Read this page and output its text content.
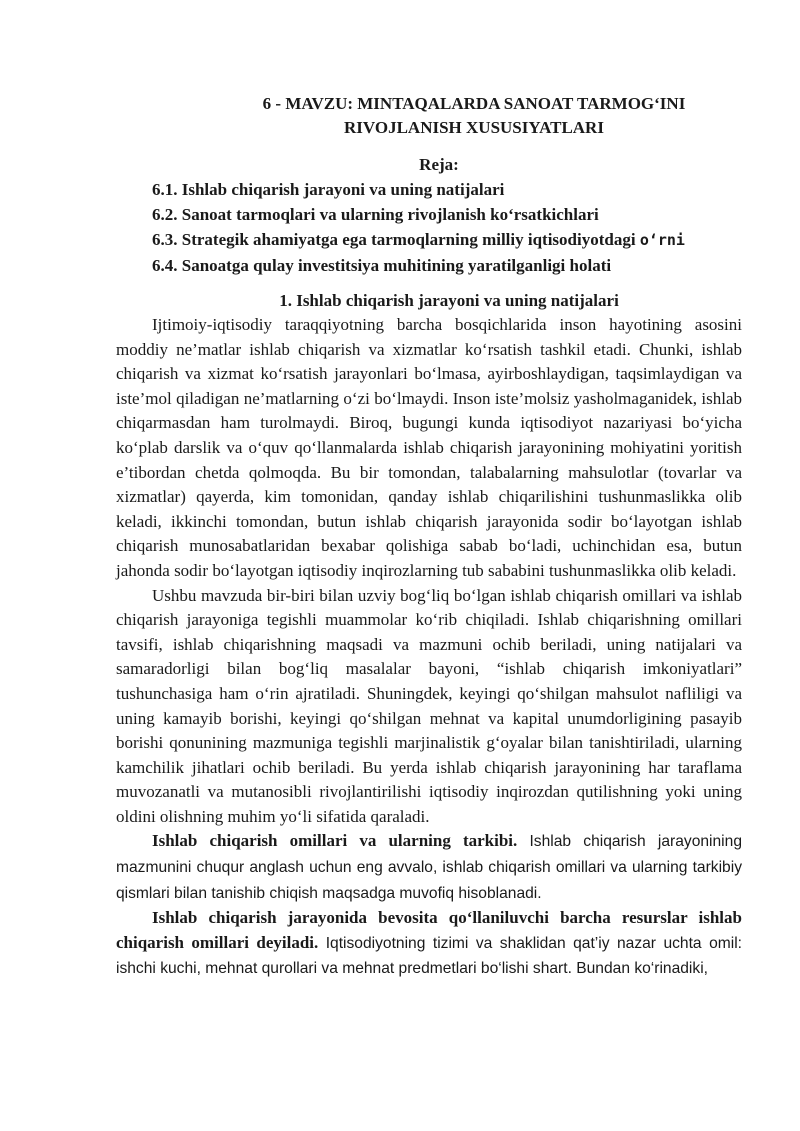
6 - MAVZU: MINTAQALARDA SANOAT TARMOG‘INI
RIVOJLANISH XUSUSIYATLARI
Reja:
6.1. Ishlab chiqarish jarayoni va uning natijalari
6.2. Sanoat tarmoqlari va ularning rivojlanish ko‘rsatkichlari
6.3. Strategik ahamiyatga ega tarmoqlarning milliy iqtisodiyotdagi o‘rni
6.4. Sanoatga qulay investitsiya muhitining yaratilganligi holati
1. Ishlab chiqarish jarayoni va uning natijalari

Ijtimoiy-iqtisodiy taraqqiyotning barcha bosqichlarida inson hayotining asosini moddiy ne’matlar ishlab chiqarish va xizmatlar ko‘rsatish tashkil etadi. Chunki, ishlab chiqarish va xizmat ko‘rsatish jarayonlari bo‘lmasa, ayirboshlaydigan, taqsimlaydigan va iste’mol qiladigan ne’matlarning o‘zi bo‘lmaydi. Inson iste’molsiz yasholmaganidek, ishlab chiqarmasdan ham turolmaydi. Biroq, bugungi kunda iqtisodiyot nazariyasi bo‘yicha ko‘plab darslik va o‘quv qo‘llanmalarda ishlab chiqarish jarayonining mohiyatini yoritish e’tibordan chetda qolmoqda. Bu bir tomondan, talabalarning mahsulotlar (tovarlar va xizmatlar) qayerda, kim tomonidan, qanday ishlab chiqarilishini tushunmaslikka olib keladi, ikkinchi tomondan, butun ishlab chiqarish jarayonida sodir bo‘layotgan ishlab chiqarish munosabatlaridan bexabar qolishiga sabab bo‘ladi, uchinchidan esa, butun jahonda sodir bo‘layotgan iqtisodiy inqirozlarning tub sababini tushunmaslikka olib keladi.

Ushbu mavzuda bir-biri bilan uzviy bog‘liq bo‘lgan ishlab chiqarish omillari va ishlab chiqarish jarayoniga tegishli muammolar ko‘rib chiqiladi. Ishlab chiqarishning omillari tavsifi, ishlab chiqarishning maqsadi va mazmuni ochib beriladi, uning natijalari va samaradorligi bilan bog‘liq masalalar bayoni, “ishlab chiqarish imkoniyatlari” tushunchasiga ham o‘rin ajratiladi. Shuningdek, keyingi qo‘shilgan mahsulot nafliligi va uning kamayib borishi, keyingi qo‘shilgan mehnat va kapital unumdorligining pasayib borishi qonunining mazmuniga tegishli marjinalistik g‘oyalar bilan tanishtiriladi, ularning kamchilik jihatlari ochib beriladi. Bu yerda ishlab chiqarish jarayonining har taraflama muvozanatli va mutanosibli rivojlantirilishi iqtisodiy inqirozdan qutilishning yoki uning oldini olishning muhim yo‘li sifatida qaraladi.

Ishlab chiqarish omillari va ularning tarkibi. Ishlab chiqarish jarayonining mazmunini chuqur anglash uchun eng avvalo, ishlab chiqarish omillari va ularning tarkibiy qismlari bilan tanishib chiqish maqsadga muvofiq hisoblanadi.

Ishlab chiqarish jarayonida bevosita qo‘llaniluvchi barcha resurslar ishlab chiqarish omillari deyiladi. Iqtisodiyotning tizimi va shaklidan qat’iy nazar uchta omil: ishchi kuchi, mehnat qurollari va mehnat predmetlari bo‘lishi shart. Bundan ko‘rinadiki,
